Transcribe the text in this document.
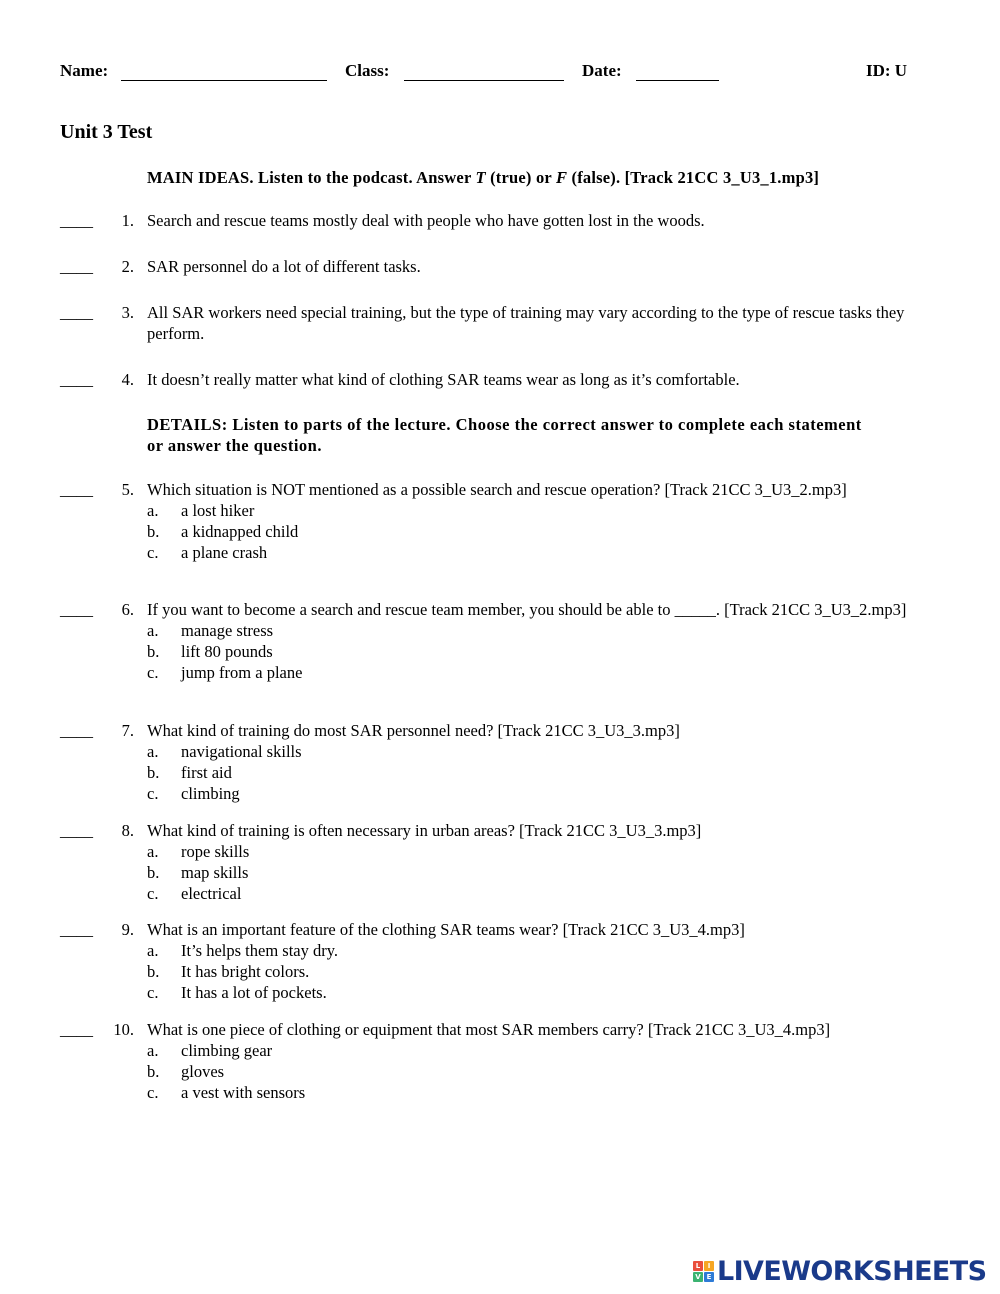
Name:	Class:	Date:	ID: U
Unit 3 Test
MAIN IDEAS. Listen to the podcast. Answer T (true) or F (false). [Track 21CC 3_U3_1.mp3]
____	1. Search and rescue teams mostly deal with people who have gotten lost in the woods.
____	2. SAR personnel do a lot of different tasks.
____	3. All SAR workers need special training, but the type of training may vary according to the type of rescue tasks they perform.
____	4. It doesn’t really matter what kind of clothing SAR teams wear as long as it’s comfortable.
DETAILS: Listen to parts of the lecture. Choose the correct answer to complete each statement or answer the question.
____	5. Which situation is NOT mentioned as a possible search and rescue operation? [Track 21CC 3_U3_2.mp3]
a.	a lost hiker
b.	a kidnapped child
c.	a plane crash
____	6. If you want to become a search and rescue team member, you should be able to _____. [Track 21CC 3_U3_2.mp3]
a.	manage stress
b.	lift 80 pounds
c.	jump from a plane
____	7. What kind of training do most SAR personnel need? [Track 21CC 3_U3_3.mp3]
a.	navigational skills
b.	first aid
c.	climbing
____	8. What kind of training is often necessary in urban areas? [Track 21CC 3_U3_3.mp3]
a.	rope skills
b.	map skills
c.	electrical
____	9. What is an important feature of the clothing SAR teams wear? [Track 21CC 3_U3_4.mp3]
a.	It’s helps them stay dry.
b.	It has bright colors.
c.	It has a lot of pockets.
____	10. What is one piece of clothing or equipment that most SAR members carry? [Track 21CC 3_U3_4.mp3]
a.	climbing gear
b.	gloves
c.	a vest with sensors
L	I
V E LIVEWORKSHEETS
